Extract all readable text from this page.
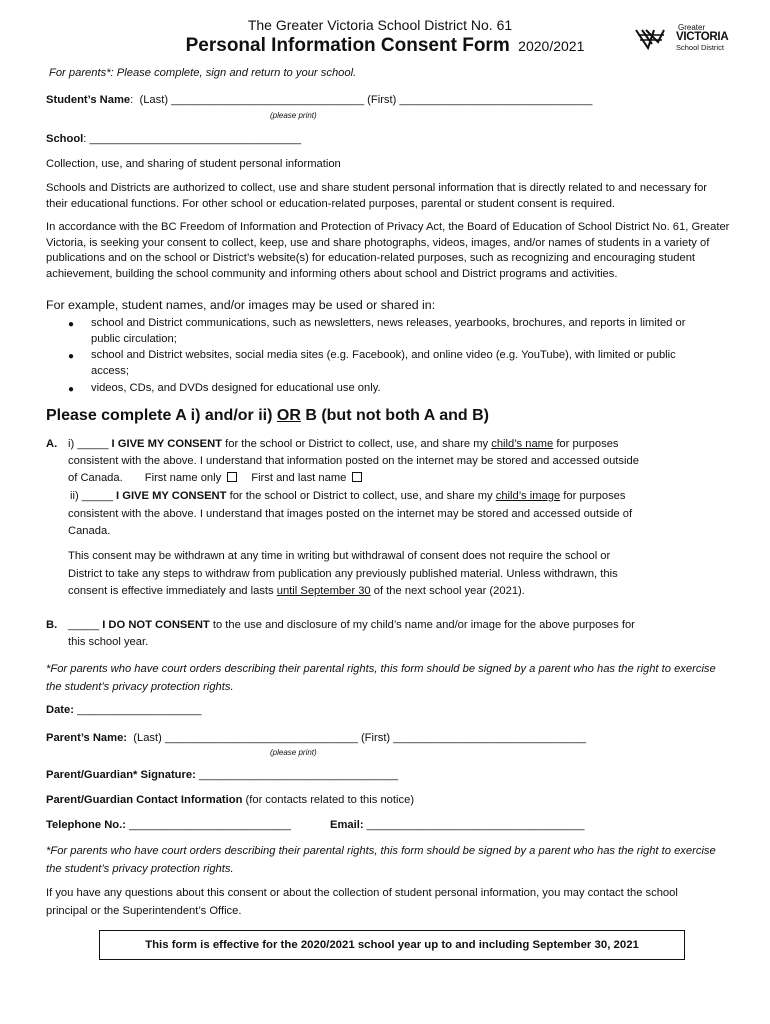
The Greater Victoria School District No. 61
Personal Information Consent Form 2020/2021
Greater
VICTORIA
School District
For parents*: Please complete, sign and return to your school.
Student’s Name:  (Last) _______________________________ (First) _______________________________
(please print)
School: __________________________________
Collection, use, and sharing of student personal information
Schools and Districts are authorized to collect, use and share student personal information that is directly related to and necessary for their educational functions. For other school or education-related purposes, parental or student consent is required.
In accordance with the BC Freedom of Information and Protection of Privacy Act, the Board of Education of School District No. 61, Greater Victoria, is seeking your consent to collect, keep, use and share photographs, videos, images, and/or names of students in a variety of publications and on the school or District’s website(s) for education-related purposes, such as recognizing and encouraging student achievement, building the school community and informing others about school and District programs and activities.
For example, student names, and/or images may be used or shared in:
● school and District communications, such as newsletters, news releases, yearbooks, brochures, and reports in limited or public circulation;
● school and District websites, social media sites (e.g. Facebook), and online video (e.g. YouTube), with limited or public access;
● videos, CDs, and DVDs designed for educational use only.
Please complete A i) and/or ii) OR B (but not both A and B)
A. i) _____ I GIVE MY CONSENT for the school or District to collect, use, and share my child’s name for purposes
consistent with the above. I understand that information posted on the internet may be stored and accessed outside
of Canada. First name only	First and last name
ii) _____ I GIVE MY CONSENT for the school or District to collect, use, and share my child’s image for purposes
consistent with the above. I understand that images posted on the internet may be stored and accessed outside of
Canada.
This consent may be withdrawn at any time in writing but withdrawal of consent does not require the school or
District to take any steps to withdraw from publication any previously published material. Unless withdrawn, this
consent is effective immediately and lasts until September 30 of the next school year (2021).
B. _____ I DO NOT CONSENT to the use and disclosure of my child’s name and/or image for the above purposes for
this school year.
*For parents who have court orders describing their parental rights, this form should be signed by a parent who has the right to exercise the student’s privacy protection rights.
Date: ____________________
Parent’s Name:  (Last) _______________________________ (First) _______________________________
(please print)
Parent/Guardian* Signature: ________________________________
Parent/Guardian Contact Information (for contacts related to this notice)
Telephone No.: __________________________	Email: ___________________________________
*For parents who have court orders describing their parental rights, this form should be signed by a parent who has the right to exercise the student’s privacy protection rights.
If you have any questions about this consent or about the collection of student personal information, you may contact the school principal or the Superintendent’s Office.
This form is effective for the 2020/2021 school year up to and including September 30, 2021
